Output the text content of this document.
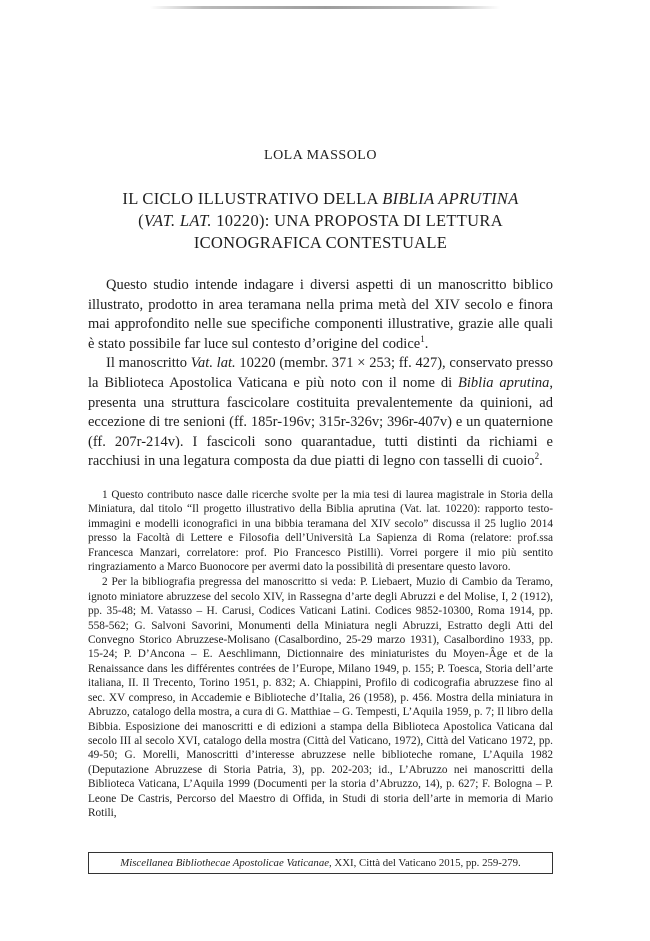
LOLA MASSOLO
IL CICLO ILLUSTRATIVO DELLA BIBLIA APRUTINA
(VAT. LAT. 10220): UNA PROPOSTA DI LETTURA
ICONOGRAFICA CONTESTUALE

Questo studio intende indagare i diversi aspetti di un manoscritto biblico illustrato, prodotto in area teramana nella prima metà del XIV secolo e finora mai approfondito nelle sue specifiche componenti illustrative, grazie alle quali è stato possibile far luce sul contesto d’origine del codice$^1$.

Il manoscritto Vat. lat. 10220 (membr. 371 × 253; ff. 427), conservato presso la Biblioteca Apostolica Vaticana e più noto con il nome di Biblia aprutina, presenta una struttura fascicolare costituita prevalentemente da quinioni, ad eccezione di tre senioni (ff. 185r-196v; 315r-326v; 396r-407v) e un quaternione (ff. 207r-214v). I fascicoli sono quarantadue, tutti distinti da richiami e racchiusi in una legatura composta da due piatti di legno con tasselli di cuoio$^2$.

1 Questo contributo nasce dalle ricerche svolte per la mia tesi di laurea magistrale in Storia della Miniatura, dal titolo “Il progetto illustrativo della Biblia aprutina (Vat. lat. 10220): rapporto testo-immagini e modelli iconografici in una bibbia teramana del XIV secolo” discussa il 25 luglio 2014 presso la Facoltà di Lettere e Filosofia dell’Università La Sapienza di Roma (relatore: prof.ssa Francesca Manzari, correlatore: prof. Pio Francesco Pistilli). Vorrei porgere il mio più sentito ringraziamento a Marco Buonocore per avermi dato la possibilità di presentare questo lavoro.

2 Per la bibliografia pregressa del manoscritto si veda: P. Liebaert, Muzio di Cambio da Teramo, ignoto miniatore abruzzese del secolo XIV, in Rassegna d’arte degli Abruzzi e del Molise, I, 2 (1912), pp. 35-48; M. Vatasso – H. Carusi, Codices Vaticani Latini. Codices 9852-10300, Roma 1914, pp. 558-562; G. Salvoni Savorini, Monumenti della Miniatura negli Abruzzi, Estratto degli Atti del Convegno Storico Abruzzese-Molisano (Casalbordino, 25-29 marzo 1931), Casalbordino 1933, pp. 15-24; P. D’Ancona – E. Aeschlimann, Dictionnaire des miniaturistes du Moyen-Âge et de la Renaissance dans les différentes contrées de l’Europe, Milano 1949, p. 155; P. Toesca, Storia dell’arte italiana, II. Il Trecento, Torino 1951, p. 832; A. Chiappini, Profilo di codicografia abruzzese fino al sec. XV compreso, in Accademie e Biblioteche d’Italia, 26 (1958), p. 456. Mostra della miniatura in Abruzzo, catalogo della mostra, a cura di G. Matthiae – G. Tempesti, L’Aquila 1959, p. 7; Il libro della Bibbia. Esposizione dei manoscritti e di edizioni a stampa della Biblioteca Apostolica Vaticana dal secolo III al secolo XVI, catalogo della mostra (Città del Vaticano, 1972), Città del Vaticano 1972, pp. 49-50; G. Morelli, Manoscritti d’interesse abruzzese nelle biblioteche romane, L’Aquila 1982 (Deputazione Abruzzese di Storia Patria, 3), pp. 202-203; id., L’Abruzzo nei manoscritti della Biblioteca Vaticana, L’Aquila 1999 (Documenti per la storia d’Abruzzo, 14), p. 627; F. Bologna – P. Leone De Castris, Percorso del Maestro di Offida, in Studi di storia dell’arte in memoria di Mario Rotili,

Miscellanea Bibliothecae Apostolicae Vaticanae, XXI, Città del Vaticano 2015, pp. 259-279.
